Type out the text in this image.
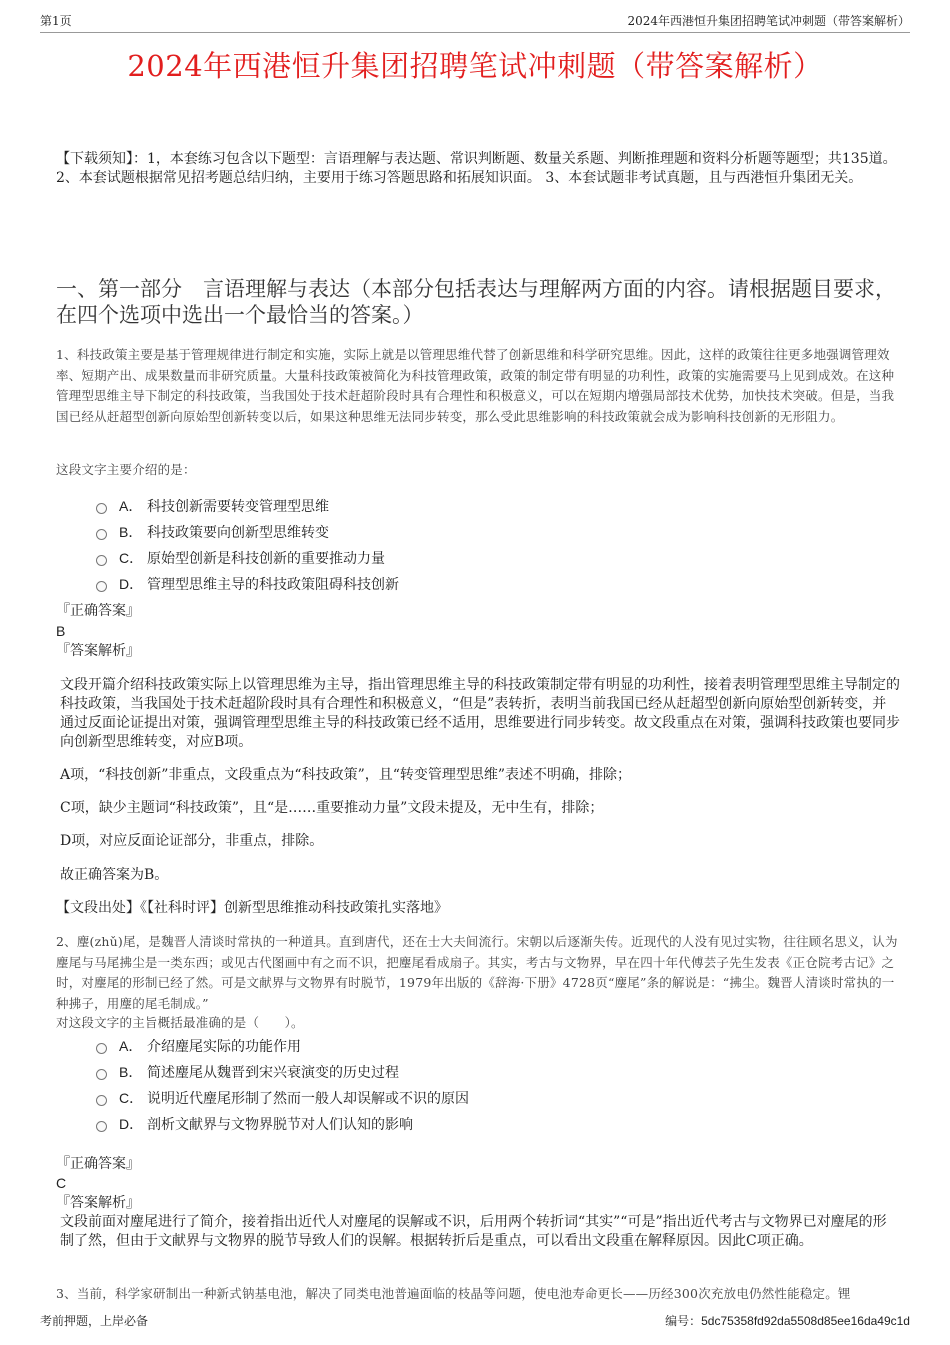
第1页	2024年西港恒升集团招聘笔试冲刺题（带答案解析）
2024年西港恒升集团招聘笔试冲刺题（带答案解析）
【下载须知】：1，本套练习包含以下题型：言语理解与表达题、常识判断题、数量关系题、判断推理题和资料分析题等题型；共135道。 2、本套试题根据常见招考题总结归纳，主要用于练习答题思路和拓展知识面。 3、本套试题非考试真题，且与西港恒升集团无关。
一、第一部分　言语理解与表达（本部分包括表达与理解两方面的内容。请根据题目要求，在四个选项中选出一个最恰当的答案。）
1、科技政策主要是基于管理规律进行制定和实施，实际上就是以管理思维代替了创新思维和科学研究思维。因此，这样的政策往往更多地强调管理效率、短期产出、成果数量而非研究质量。大量科技政策被简化为科技管理政策，政策的制定带有明显的功利性，政策的实施需要马上见到成效。在这种管理型思维主导下制定的科技政策，当我国处于技术赶超阶段时具有合理性和积极意义，可以在短期内增强局部技术优势，加快技术突破。但是，当我国已经从赶超型创新向原始型创新转变以后，如果这种思维无法同步转变，那么受此思维影响的科技政策就会成为影响科技创新的无形阻力。
这段文字主要介绍的是：
A． 科技创新需要转变管理型思维
B． 科技政策要向创新型思维转变
C． 原始型创新是科技创新的重要推动力量
D． 管理型思维主导的科技政策阻碍科技创新
『正确答案』
B
『答案解析』
文段开篇介绍科技政策实际上以管理思维为主导，指出管理思维主导的科技政策制定带有明显的功利性，接着表明管理型思维主导制定的科技政策，当我国处于技术赶超阶段时具有合理性和积极意义，“但是”表转折，表明当前我国已经从赶超型创新向原始型创新转变，并通过反面论证提出对策，强调管理型思维主导的科技政策已经不适用，思维要进行同步转变。故文段重点在对策，强调科技政策也要同步向创新型思维转变，对应B项。
A项，“科技创新”非重点，文段重点为“科技政策”，且“转变管理型思维”表述不明确，排除；
C项，缺少主题词“科技政策”，且“是……重要推动力量”文段未提及，无中生有，排除；
D项，对应反面论证部分，非重点，排除。
故正确答案为B。
【文段出处】《【社科时评】创新型思维推动科技政策扎实落地》
2、麈(zhǔ)尾，是魏晋人清谈时常执的一种道具。直到唐代，还在士大夫间流行。宋朝以后逐渐失传。近现代的人没有见过实物，往往顾名思义，认为麈尾与马尾拂尘是一类东西；或见古代图画中有之而不识，把麈尾看成扇子。其实，考古与文物界，早在四十年代傅芸子先生发表《正仓院考古记》之时，对麈尾的形制已经了然。可是文献界与文物界有时脱节，1979年出版的《辞海·下册》4728页“麈尾”条的解说是：“拂尘。魏晋人清谈时常执的一种拂子，用麈的尾毛制成。”
对这段文字的主旨概括最准确的是（　　）。
A． 介绍麈尾实际的功能作用
B． 简述麈尾从魏晋到宋兴衰演变的历史过程
C． 说明近代麈尾形制了然而一般人却误解或不识的原因
D． 剖析文献界与文物界脱节对人们认知的影响
『正确答案』
C
『答案解析』
文段前面对麈尾进行了简介，接着指出近代人对麈尾的误解或不识，后用两个转折词“其实”“可是”指出近代考古与文物界已对麈尾的形制了然，但由于文献界与文物界的脱节导致人们的误解。根据转折后是重点，可以看出文段重在解释原因。因此C项正确。
3、当前，科学家研制出一种新式钠基电池，解决了同类电池普遍面临的枝晶等问题，使电池寿命更长——历经300次充放电仍然性能稳定。锂
考前押题，上岸必备	编号：5dc75358fd92da5508d85ee16da49c1d
